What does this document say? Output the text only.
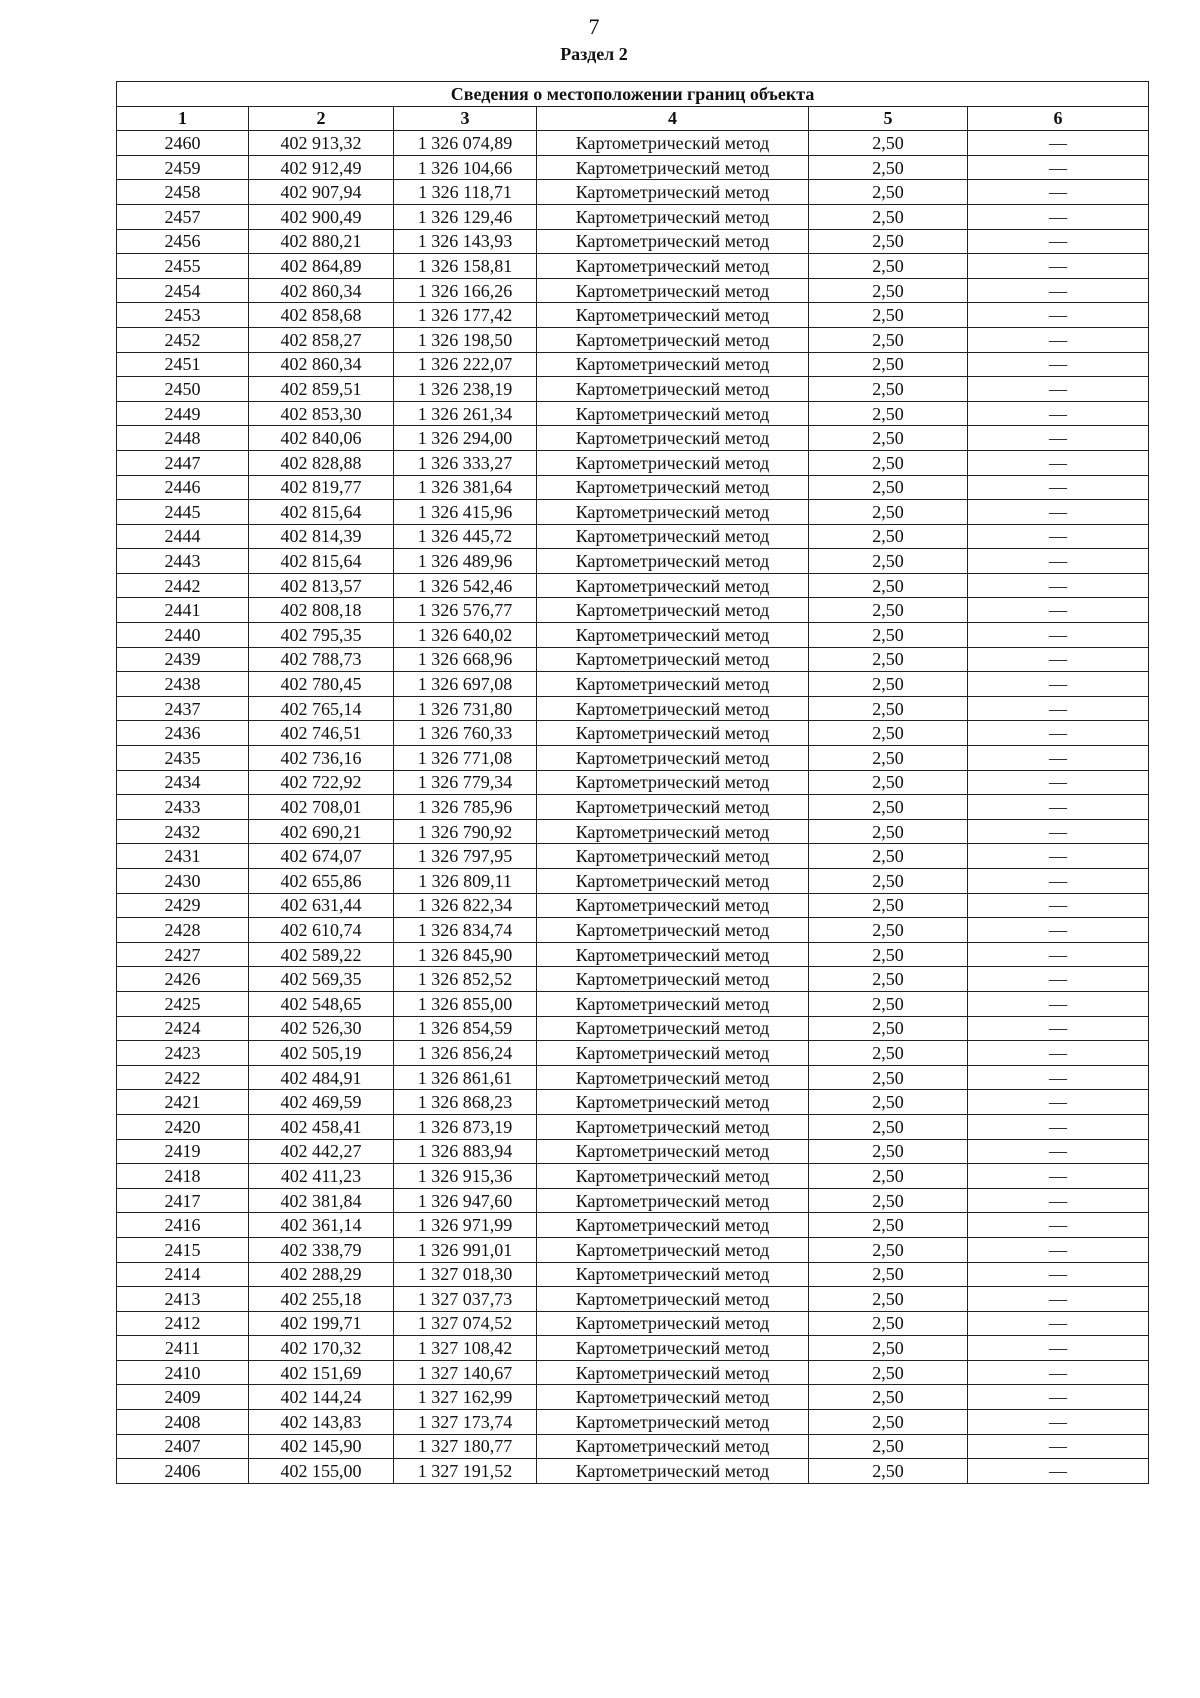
7
Раздел 2
Сведения о местоположении границ объекта					
1	2	3	4	5	6
2460	402 913,32	1 326 074,89	Картометрический метод	2,50	—
2459	402 912,49	1 326 104,66	Картометрический метод	2,50	—
2458	402 907,94	1 326 118,71	Картометрический метод	2,50	—
2457	402 900,49	1 326 129,46	Картометрический метод	2,50	—
2456	402 880,21	1 326 143,93	Картометрический метод	2,50	—
2455	402 864,89	1 326 158,81	Картометрический метод	2,50	—
2454	402 860,34	1 326 166,26	Картометрический метод	2,50	—
2453	402 858,68	1 326 177,42	Картометрический метод	2,50	—
2452	402 858,27	1 326 198,50	Картометрический метод	2,50	—
2451	402 860,34	1 326 222,07	Картометрический метод	2,50	—
2450	402 859,51	1 326 238,19	Картометрический метод	2,50	—
2449	402 853,30	1 326 261,34	Картометрический метод	2,50	—
2448	402 840,06	1 326 294,00	Картометрический метод	2,50	—
2447	402 828,88	1 326 333,27	Картометрический метод	2,50	—
2446	402 819,77	1 326 381,64	Картометрический метод	2,50	—
2445	402 815,64	1 326 415,96	Картометрический метод	2,50	—
2444	402 814,39	1 326 445,72	Картометрический метод	2,50	—
2443	402 815,64	1 326 489,96	Картометрический метод	2,50	—
2442	402 813,57	1 326 542,46	Картометрический метод	2,50	—
2441	402 808,18	1 326 576,77	Картометрический метод	2,50	—
2440	402 795,35	1 326 640,02	Картометрический метод	2,50	—
2439	402 788,73	1 326 668,96	Картометрический метод	2,50	—
2438	402 780,45	1 326 697,08	Картометрический метод	2,50	—
2437	402 765,14	1 326 731,80	Картометрический метод	2,50	—
2436	402 746,51	1 326 760,33	Картометрический метод	2,50	—
2435	402 736,16	1 326 771,08	Картометрический метод	2,50	—
2434	402 722,92	1 326 779,34	Картометрический метод	2,50	—
2433	402 708,01	1 326 785,96	Картометрический метод	2,50	—
2432	402 690,21	1 326 790,92	Картометрический метод	2,50	—
2431	402 674,07	1 326 797,95	Картометрический метод	2,50	—
2430	402 655,86	1 326 809,11	Картометрический метод	2,50	—
2429	402 631,44	1 326 822,34	Картометрический метод	2,50	—
2428	402 610,74	1 326 834,74	Картометрический метод	2,50	—
2427	402 589,22	1 326 845,90	Картометрический метод	2,50	—
2426	402 569,35	1 326 852,52	Картометрический метод	2,50	—
2425	402 548,65	1 326 855,00	Картометрический метод	2,50	—
2424	402 526,30	1 326 854,59	Картометрический метод	2,50	—
2423	402 505,19	1 326 856,24	Картометрический метод	2,50	—
2422	402 484,91	1 326 861,61	Картометрический метод	2,50	—
2421	402 469,59	1 326 868,23	Картометрический метод	2,50	—
2420	402 458,41	1 326 873,19	Картометрический метод	2,50	—
2419	402 442,27	1 326 883,94	Картометрический метод	2,50	—
2418	402 411,23	1 326 915,36	Картометрический метод	2,50	—
2417	402 381,84	1 326 947,60	Картометрический метод	2,50	—
2416	402 361,14	1 326 971,99	Картометрический метод	2,50	—
2415	402 338,79	1 326 991,01	Картометрический метод	2,50	—
2414	402 288,29	1 327 018,30	Картометрический метод	2,50	—
2413	402 255,18	1 327 037,73	Картометрический метод	2,50	—
2412	402 199,71	1 327 074,52	Картометрический метод	2,50	—
2411	402 170,32	1 327 108,42	Картометрический метод	2,50	—
2410	402 151,69	1 327 140,67	Картометрический метод	2,50	—
2409	402 144,24	1 327 162,99	Картометрический метод	2,50	—
2408	402 143,83	1 327 173,74	Картометрический метод	2,50	—
2407	402 145,90	1 327 180,77	Картометрический метод	2,50	—
2406	402 155,00	1 327 191,52	Картометрический метод	2,50	—
